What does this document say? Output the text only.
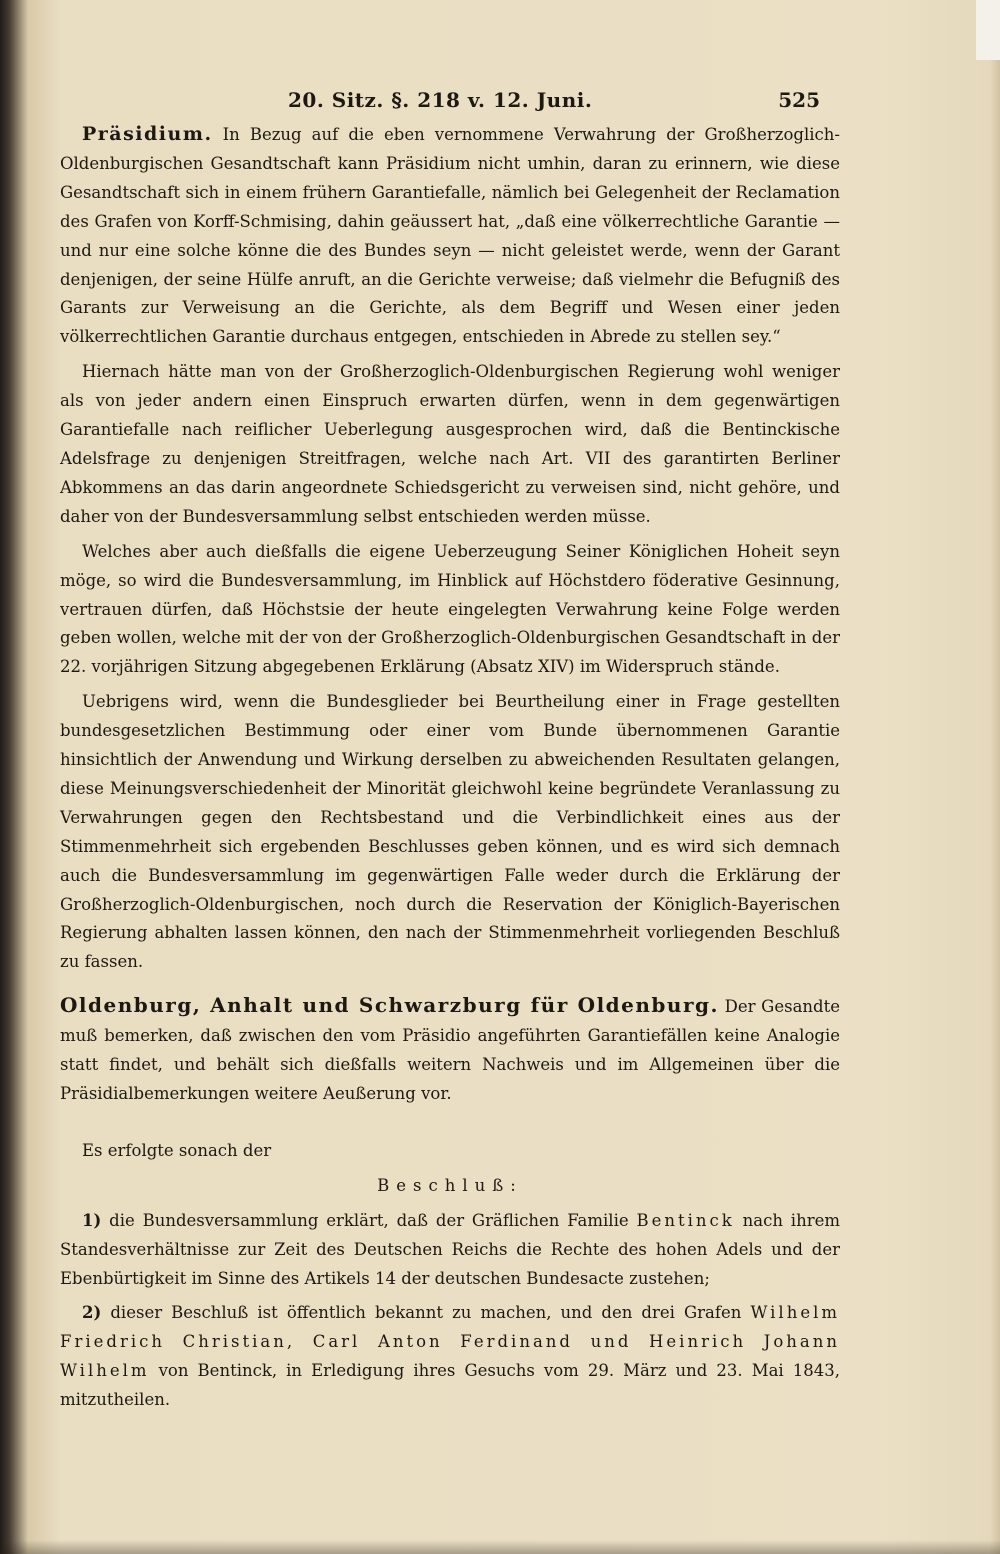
20. Sitz. §. 218 v. 12. Juni.	525

Präsidium. In Bezug auf die eben vernommene Verwahrung der Großherzoglich-Oldenburgischen Gesandtschaft kann Präsidium nicht umhin, daran zu erinnern, wie diese Gesandtschaft sich in einem frühern Garantiefalle, nämlich bei Gelegenheit der Reclamation des Grafen von Korff-Schmising, dahin geäussert hat, „daß eine völkerrechtliche Garantie — und nur eine solche könne die des Bundes seyn — nicht geleistet werde, wenn der Garant denjenigen, der seine Hülfe anruft, an die Gerichte verweise; daß vielmehr die Befugniß des Garants zur Verweisung an die Gerichte, als dem Begriff und Wesen einer jeden völkerrechtlichen Garantie durchaus entgegen, entschieden in Abrede zu stellen sey.“

Hiernach hätte man von der Großherzoglich-Oldenburgischen Regierung wohl weniger als von jeder andern einen Einspruch erwarten dürfen, wenn in dem gegenwärtigen Garantiefalle nach reiflicher Ueberlegung ausgesprochen wird, daß die Bentinckische Adelsfrage zu denjenigen Streitfragen, welche nach Art. VII des garantirten Berliner Abkommens an das darin angeordnete Schiedsgericht zu verweisen sind, nicht gehöre, und daher von der Bundesversammlung selbst entschieden werden müsse.

Welches aber auch dießfalls die eigene Ueberzeugung Seiner Königlichen Hoheit seyn möge, so wird die Bundesversammlung, im Hinblick auf Höchstdero föderative Gesinnung, vertrauen dürfen, daß Höchstsie der heute eingelegten Verwahrung keine Folge werden geben wollen, welche mit der von der Großherzoglich-Oldenburgischen Gesandtschaft in der 22. vorjährigen Sitzung abgegebenen Erklärung (Absatz XIV) im Widerspruch stände.

Uebrigens wird, wenn die Bundesglieder bei Beurtheilung einer in Frage gestellten bundesgesetzlichen Bestimmung oder einer vom Bunde übernommenen Garantie hinsichtlich der Anwendung und Wirkung derselben zu abweichenden Resultaten gelangen, diese Meinungsverschiedenheit der Minorität gleichwohl keine begründete Veranlassung zu Verwahrungen gegen den Rechtsbestand und die Verbindlichkeit eines aus der Stimmenmehrheit sich ergebenden Beschlusses geben können, und es wird sich demnach auch die Bundesversammlung im gegenwärtigen Falle weder durch die Erklärung der Großherzoglich-Oldenburgischen, noch durch die Reservation der Königlich-Bayerischen Regierung abhalten lassen können, den nach der Stimmenmehrheit vorliegenden Beschluß zu fassen.

Oldenburg, Anhalt und Schwarzburg für Oldenburg. Der Gesandte muß bemerken, daß zwischen den vom Präsidio angeführten Garantiefällen keine Analogie statt findet, und behält sich dießfalls weitern Nachweis und im Allgemeinen über die Präsidialbemerkungen weitere Aeußerung vor.

Es erfolgte sonach der

Beschluß:

1) die Bundesversammlung erklärt, daß der Gräflichen Familie Bentinck nach ihrem Standesverhältnisse zur Zeit des Deutschen Reichs die Rechte des hohen Adels und der Ebenbürtigkeit im Sinne des Artikels 14 der deutschen Bundesacte zustehen;

2) dieser Beschluß ist öffentlich bekannt zu machen, und den drei Grafen Wilhelm Friedrich Christian, Carl Anton Ferdinand und Heinrich Johann Wilhelm von Bentinck, in Erledigung ihres Gesuchs vom 29. März und 23. Mai 1843, mitzutheilen.
